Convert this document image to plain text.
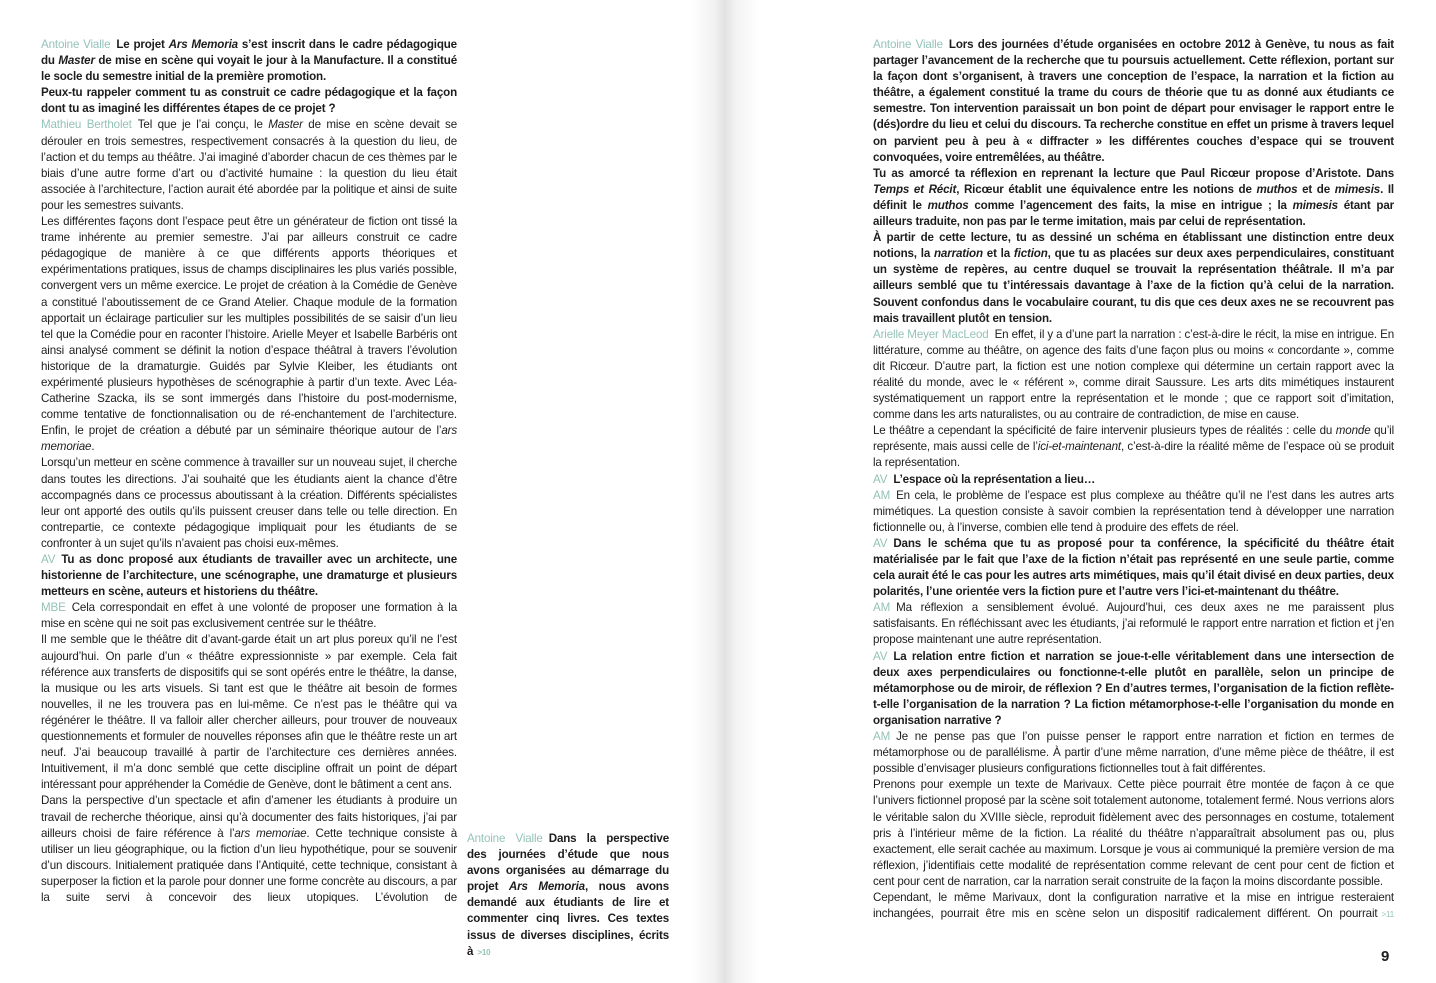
Antoine Vialle Le projet Ars Memoria s’est inscrit dans le cadre pédagogique du Master de mise en scène qui voyait le jour à la Manufacture. Il a constitué le socle du semestre initial de la première promotion.

Peux-tu rappeler comment tu as construit ce cadre pédagogique et la façon dont tu as imaginé les différentes étapes de ce projet ?

Mathieu Bertholet Tel que je l’ai conçu, le Master de mise en scène devait se dérouler en trois semestres, respectivement consacrés à la question du lieu, de l’action et du temps au théâtre. J’ai imaginé d’aborder chacun de ces thèmes par le biais d’une autre forme d’art ou d’activité humaine : la question du lieu était associée à l’architecture, l’action aurait été abordée par la politique et ainsi de suite pour les semestres suivants.

Les différentes façons dont l’espace peut être un générateur de fiction ont tissé la trame inhérente au premier semestre. J’ai par ailleurs construit ce cadre pédagogique de manière à ce que différents apports théoriques et expérimentations pratiques, issus de champs disciplinaires les plus variés possible, convergent vers un même exercice. Le projet de création à la Comédie de Genève a constitué l’aboutissement de ce Grand Atelier. Chaque module de la formation apportait un éclairage particulier sur les multiples possibilités de se saisir d’un lieu tel que la Comédie pour en raconter l’histoire. Arielle Meyer et Isabelle Barbéris ont ainsi analysé comment se définit la notion d’espace théâtral à travers l’évolution historique de la dramaturgie. Guidés par Sylvie Kleiber, les étudiants ont expérimenté plusieurs hypothèses de scénographie à partir d’un texte. Avec Léa-Catherine Szacka, ils se sont immergés dans l’histoire du post-modernisme, comme tentative de fonctionnalisation ou de ré-enchantement de l’architecture. Enfin, le projet de création a débuté par un séminaire théorique autour de l’ars memoriae.

Lorsqu’un metteur en scène commence à travailler sur un nouveau sujet, il cherche dans toutes les directions. J’ai souhaité que les étudiants aient la chance d’être accompagnés dans ce processus aboutissant à la création. Différents spécialistes leur ont apporté des outils qu’ils puissent creuser dans telle ou telle direction. En contrepartie, ce contexte pédagogique impliquait pour les étudiants de se confronter à un sujet qu’ils n’avaient pas choisi eux-mêmes.

AV Tu as donc proposé aux étudiants de travailler avec un architecte, une historienne de l’architecture, une scénographe, une dramaturge et plusieurs metteurs en scène, auteurs et historiens du théâtre.

MBE Cela correspondait en effet à une volonté de proposer une formation à la mise en scène qui ne soit pas exclusivement centrée sur le théâtre.

Il me semble que le théâtre dit d’avant-garde était un art plus poreux qu’il ne l’est aujourd’hui. On parle d’un « théâtre expressionniste » par exemple. Cela fait référence aux transferts de dispositifs qui se sont opérés entre le théâtre, la danse, la musique ou les arts visuels. Si tant est que le théâtre ait besoin de formes nouvelles, il ne les trouvera pas en lui-même. Ce n’est pas le théâtre qui va régénérer le théâtre. Il va falloir aller chercher ailleurs, pour trouver de nouveaux questionnements et formuler de nouvelles réponses afin que le théâtre reste un art neuf. J’ai beaucoup travaillé à partir de l’architecture ces dernières années. Intuitivement, il m’a donc semblé que cette discipline offrait un point de départ intéressant pour appréhender la Comédie de Genève, dont le bâtiment a cent ans.

Dans la perspective d’un spectacle et afin d’amener les étudiants à produire un travail de recherche théorique, ainsi qu’à documenter des faits historiques, j’ai par ailleurs choisi de faire référence à l’ars memoriae. Cette technique consiste à utiliser un lieu géographique, ou la fiction d’un lieu hypothétique, pour se souvenir d’un discours. Initialement pratiquée dans l’Antiquité, cette technique, consistant à superposer la fiction et la parole pour donner une forme concrète au discours, a par la suite servi à concevoir des lieux utopiques. L’évolution de

Antoine Vialle Dans la perspective des journées d’étude que nous avons organisées au démarrage du projet Ars Memoria, nous avons demandé aux étudiants de lire et commenter cinq livres. Ces textes issus de diverses disciplines, écrits à >10

Antoine Vialle Lors des journées d’étude organisées en octobre 2012 à Genève, tu nous as fait partager l’avancement de la recherche que tu poursuis actuellement. Cette réflexion, portant sur la façon dont s’organisent, à travers une conception de l’espace, la narration et la fiction au théâtre, a également constitué la trame du cours de théorie que tu as donné aux étudiants ce semestre. Ton intervention paraissait un bon point de départ pour envisager le rapport entre le (dés)ordre du lieu et celui du discours. Ta recherche constitue en effet un prisme à travers lequel on parvient peu à peu à « diffracter » les différentes couches d’espace qui se trouvent convoquées, voire entremêlées, au théâtre.

Tu as amorcé ta réflexion en reprenant la lecture que Paul Ricœur propose d’Aristote. Dans Temps et Récit, Ricœur établit une équivalence entre les notions de muthos et de mimesis. Il définit le muthos comme l’agencement des faits, la mise en intrigue ; la mimesis étant par ailleurs traduite, non pas par le terme imitation, mais par celui de représentation.

À partir de cette lecture, tu as dessiné un schéma en établissant une distinction entre deux notions, la narration et la fiction, que tu as placées sur deux axes perpendiculaires, constituant un système de repères, au centre duquel se trouvait la représentation théâtrale. Il m’a par ailleurs semblé que tu t’intéressais davantage à l’axe de la fiction qu’à celui de la narration. Souvent confondus dans le vocabulaire courant, tu dis que ces deux axes ne se recouvrent pas mais travaillent plutôt en tension.

Arielle Meyer MacLeod En effet, il y a d’une part la narration : c’est-à-dire le récit, la mise en intrigue. En littérature, comme au théâtre, on agence des faits d’une façon plus ou moins « concordante », comme dit Ricœur. D’autre part, la fiction est une notion complexe qui détermine un certain rapport avec la réalité du monde, avec le « référent », comme dirait Saussure. Les arts dits mimétiques instaurent systématiquement un rapport entre la représentation et le monde ; que ce rapport soit d’imitation, comme dans les arts naturalistes, ou au contraire de contradiction, de mise en cause.

Le théâtre a cependant la spécificité de faire intervenir plusieurs types de réalités : celle du monde qu’il représente, mais aussi celle de l’ici-et-maintenant, c’est-à-dire la réalité même de l’espace où se produit la représentation.

AV L’espace où la représentation a lieu…

AM En cela, le problème de l’espace est plus complexe au théâtre qu’il ne l’est dans les autres arts mimétiques. La question consiste à savoir combien la représentation tend à développer une narration fictionnelle ou, à l’inverse, combien elle tend à produire des effets de réel.

AV Dans le schéma que tu as proposé pour ta conférence, la spécificité du théâtre était matérialisée par le fait que l’axe de la fiction n’était pas représenté en une seule partie, comme cela aurait été le cas pour les autres arts mimétiques, mais qu’il était divisé en deux parties, deux polarités, l’une orientée vers la fiction pure et l’autre vers l’ici-et-maintenant du théâtre.

AM Ma réflexion a sensiblement évolué. Aujourd’hui, ces deux axes ne me paraissent plus satisfaisants. En réfléchissant avec les étudiants, j’ai reformulé le rapport entre narration et fiction et j’en propose maintenant une autre représentation.

AV La relation entre fiction et narration se joue-t-elle véritablement dans une intersection de deux axes perpendiculaires ou fonctionne-t-elle plutôt en parallèle, selon un principe de métamorphose ou de miroir, de réflexion ? En d’autres termes, l’organisation de la fiction reflète-t-elle l’organisation de la narration ? La fiction métamorphose-t-elle l’organisation du monde en organisation narrative ?

AM Je ne pense pas que l’on puisse penser le rapport entre narration et fiction en termes de métamorphose ou de parallélisme. À partir d’une même narration, d’une même pièce de théâtre, il est possible d’envisager plusieurs configurations fictionnelles tout à fait différentes.

Prenons pour exemple un texte de Marivaux. Cette pièce pourrait être montée de façon à ce que l’univers fictionnel proposé par la scène soit totalement autonome, totalement fermé. Nous verrions alors le véritable salon du XVIIIe siècle, reproduit fidèlement avec des personnages en costume, totalement pris à l’intérieur même de la fiction. La réalité du théâtre n’apparaîtrait absolument pas ou, plus exactement, elle serait cachée au maximum. Lorsque je vous ai communiqué la première version de ma réflexion, j’identifiais cette modalité de représentation comme relevant de cent pour cent de fiction et cent pour cent de narration, car la narration serait construite de la façon la moins discordante possible.

Cependant, le même Marivaux, dont la configuration narrative et la mise en intrigue resteraient inchangées, pourrait être mis en scène selon un dispositif radicalement différent. On pourrait >11

9
